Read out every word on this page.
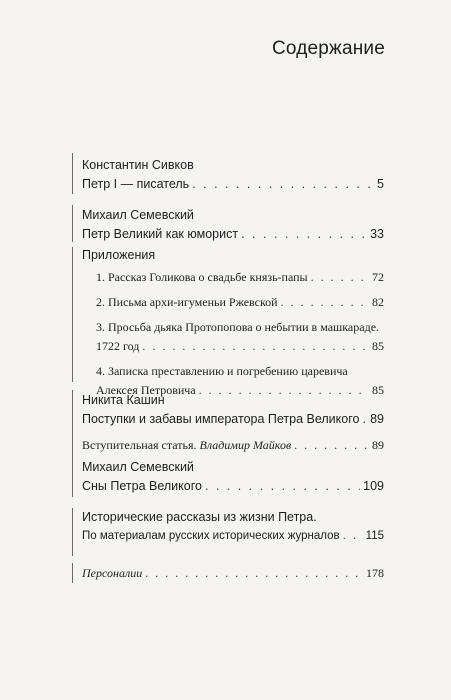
Содержание
Константин Сивков
Петр I — писатель . . .	5
Михаил Семевский
Петр Великий как юморист . . .	33
Приложения
1. Рассказ Голикова о свадьбе князь-папы . . .	72
2. Письма архи-игуменьи Ржевской . . .	82
3. Просьба дьяка Протопопова о небытии в машкараде.
1722 год . . .	85
4. Записка преставлению и погребению царевича
Алексея Петровича . . .	85
Никита Кашин
Поступки и забавы императора Петра Великого . . . 89
Вступительная статья. Владимир Майков . . .	89
Михаил Семевский
Сны Петра Великого . . .	109
Исторические рассказы из жизни Петра.
По материалам русских исторических журналов . . . 115
Персоналии . . .	178
